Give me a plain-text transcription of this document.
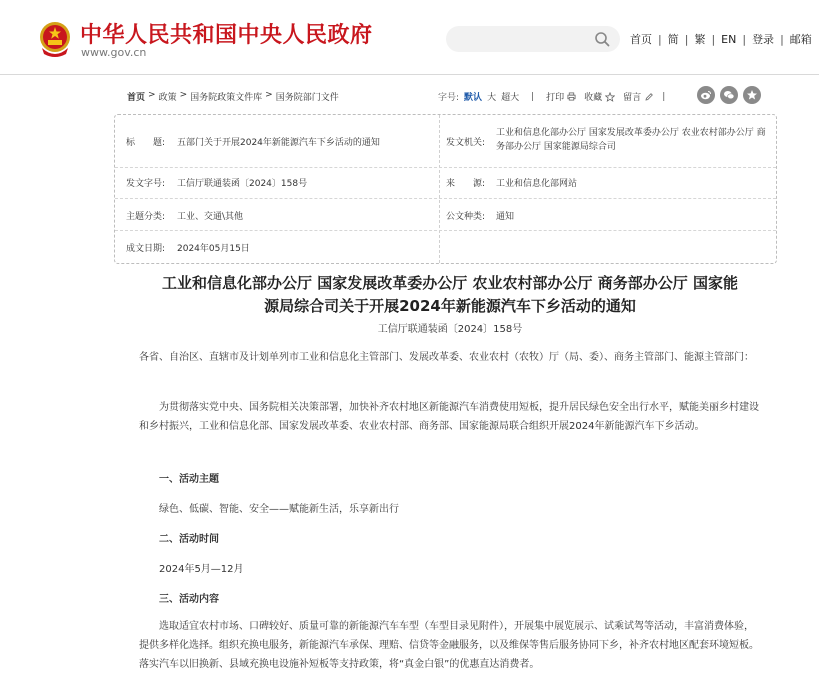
中华人民共和国中央人民政府
www.gov.cn
首页 | 简 | 繁 | EN | 登录 | 邮箱
首页 > 政策 > 国务院政策文件库 > 国务院部门文件	字号: 默认 大 超大 | 打印 收藏 留言 |
标　　题: 五部门关于开展2024年新能源汽车下乡活动的通知	发文机关:
工业和信息化部办公厅 国家发展改革委办公厅 农业农村部办公厅 商务部办公厅 国家能源局综合司
发文字号: 工信厅联通装函〔2024〕158号	来　　源: 工业和信息化部网站
主题分类: 工业、交通\其他	公文种类: 通知
成文日期: 2024年05月15日
工业和信息化部办公厅 国家发展改革委办公厅 农业农村部办公厅 商务部办公厅 国家能
源局综合司关于开展2024年新能源汽车下乡活动的通知
工信厅联通装函〔2024〕158号
各省、自治区、直辖市及计划单列市工业和信息化主管部门、发展改革委、农业农村（农牧）厅（局、委）、商务主管部门、能源主管部门：
为贯彻落实党中央、国务院相关决策部署，加快补齐农村地区新能源汽车消费使用短板，提升居民绿色安全出行水平，赋能美丽乡村建设和乡村振兴，工业和信息化部、国家发展改革委、农业农村部、商务部、国家能源局联合组织开展2024年新能源汽车下乡活动。
一、活动主题
绿色、低碳、智能、安全——赋能新生活，乐享新出行
二、活动时间
2024年5月—12月
三、活动内容
选取适宜农村市场、口碑较好、质量可靠的新能源汽车车型（车型目录见附件），开展集中展览展示、试乘试驾等活动，丰富消费体验，提供多样化选择。组织充换电服务，新能源汽车承保、理赔、信贷等金融服务，以及维保等售后服务协同下乡，补齐农村地区配套环境短板。落实汽车以旧换新、县域充换电设施补短板等支持政策，将“真金白银”的优惠直达消费者。
